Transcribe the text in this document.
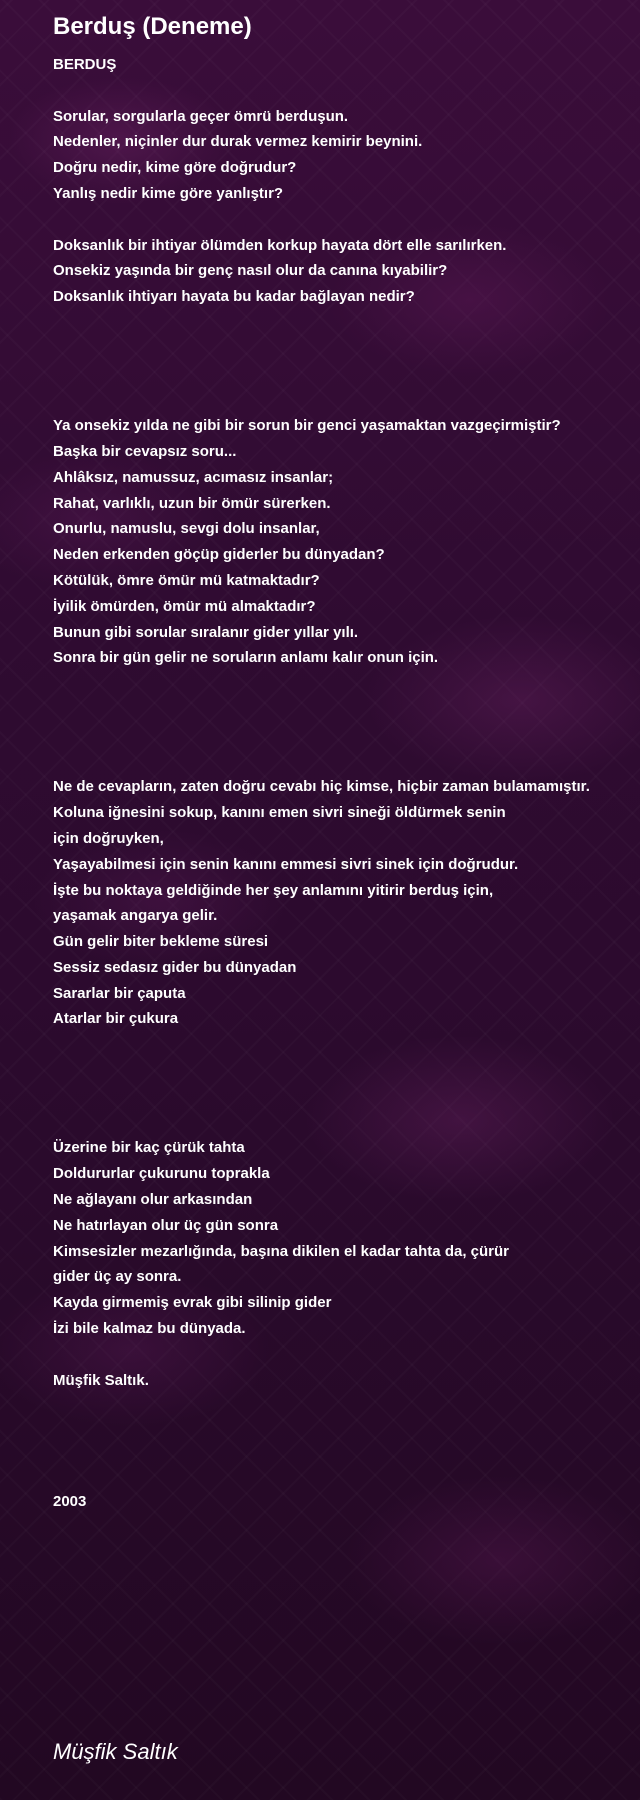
Berduş (Deneme)
BERDUŞ
Sorular, sorgularla geçer ömrü berduşun.
Nedenler, niçinler dur durak vermez kemirir beynini.
Doğru nedir, kime göre doğrudur?
Yanlış nedir kime göre yanlıştır?
Doksanlık bir ihtiyar ölümden korkup hayata dört elle sarılırken.
Onsekiz yaşında bir genç nasıl olur da canına kıyabilir?
Doksanlık ihtiyarı hayata bu kadar bağlayan nedir?
Ya onsekiz yılda ne gibi bir sorun bir genci yaşamaktan vazgeçirmiştir?
Başka bir cevapsız soru...
Ahlâksız, namussuz, acımasız insanlar;
Rahat, varlıklı, uzun bir ömür sürerken.
Onurlu, namuslu, sevgi dolu insanlar,
Neden erkenden göçüp giderler bu dünyadan?
Kötülük, ömre ömür mü katmaktadır?
İyilik ömürden, ömür mü almaktadır?
Bunun gibi sorular sıralanır gider yıllar yılı.
Sonra bir gün gelir ne soruların anlamı kalır onun için.
Ne de cevapların, zaten doğru cevabı hiç kimse, hiçbir zaman bulamamıştır.
Koluna iğnesini sokup, kanını emen sivri sineği öldürmek senin
için doğruyken,
Yaşayabilmesi için senin kanını emmesi sivri sinek için doğrudur.
İşte bu noktaya geldiğinde her şey anlamını yitirir berduş için,
yaşamak angarya gelir.
Gün gelir biter bekleme süresi
Sessiz sedasız gider bu dünyadan
Sararlar bir çaputa
Atarlar bir çukura
Üzerine bir kaç çürük tahta
Doldururlar çukurunu toprakla
Ne ağlayanı olur arkasından
Ne hatırlayan olur üç gün sonra
Kimsesizler mezarlığında, başına dikilen el kadar tahta da, çürür
gider üç ay sonra.
Kayda girmemiş evrak gibi silinip gider
İzi bile kalmaz bu dünyada.
Müşfik Saltık.
2003
Müşfik Saltık
